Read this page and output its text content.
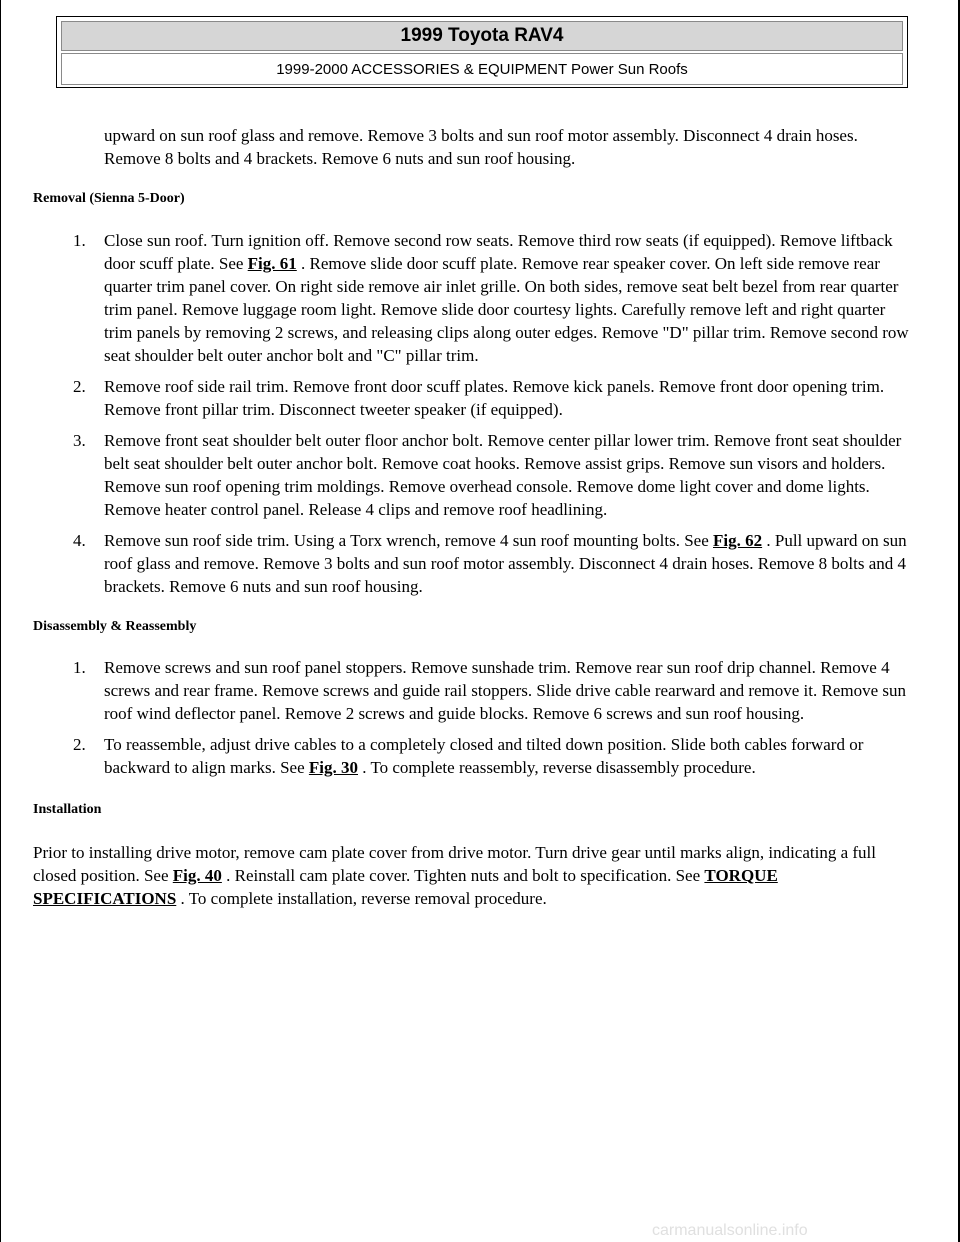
1999 Toyota RAV4
1999-2000 ACCESSORIES & EQUIPMENT Power Sun Roofs

upward on sun roof glass and remove. Remove 3 bolts and sun roof motor assembly. Disconnect 4 drain hoses. Remove 8 bolts and 4 brackets. Remove 6 nuts and sun roof housing.

Removal (Sienna 5-Door)
1. Close sun roof. Turn ignition off. Remove second row seats. Remove third row seats (if equipped). Remove liftback door scuff plate. See Fig. 61 . Remove slide door scuff plate. Remove rear speaker cover. On left side remove rear quarter trim panel cover. On right side remove air inlet grille. On both sides, remove seat belt bezel from rear quarter trim panel. Remove luggage room light. Remove slide door courtesy lights. Carefully remove left and right quarter trim panels by removing 2 screws, and releasing clips along outer edges. Remove "D" pillar trim. Remove second row seat shoulder belt outer anchor bolt and "C" pillar trim.
2. Remove roof side rail trim. Remove front door scuff plates. Remove kick panels. Remove front door opening trim. Remove front pillar trim. Disconnect tweeter speaker (if equipped).
3. Remove front seat shoulder belt outer floor anchor bolt. Remove center pillar lower trim. Remove front seat shoulder belt seat shoulder belt outer anchor bolt. Remove coat hooks. Remove assist grips. Remove sun visors and holders. Remove sun roof opening trim moldings. Remove overhead console. Remove dome light cover and dome lights. Remove heater control panel. Release 4 clips and remove roof headlining.
4. Remove sun roof side trim. Using a Torx wrench, remove 4 sun roof mounting bolts. See Fig. 62 . Pull upward on sun roof glass and remove. Remove 3 bolts and sun roof motor assembly. Disconnect 4 drain hoses. Remove 8 bolts and 4 brackets. Remove 6 nuts and sun roof housing.
Disassembly & Reassembly
1. Remove screws and sun roof panel stoppers. Remove sunshade trim. Remove rear sun roof drip channel. Remove 4 screws and rear frame. Remove screws and guide rail stoppers. Slide drive cable rearward and remove it. Remove sun roof wind deflector panel. Remove 2 screws and guide blocks. Remove 6 screws and sun roof housing.
2. To reassemble, adjust drive cables to a completely closed and tilted down position. Slide both cables forward or backward to align marks. See Fig. 30 . To complete reassembly, reverse disassembly procedure.
Installation

Prior to installing drive motor, remove cam plate cover from drive motor. Turn drive gear until marks align, indicating a full closed position. See Fig. 40 . Reinstall cam plate cover. Tighten nuts and bolt to specification. See TORQUE SPECIFICATIONS . To complete installation, reverse removal procedure.

carmanualsonline.info
